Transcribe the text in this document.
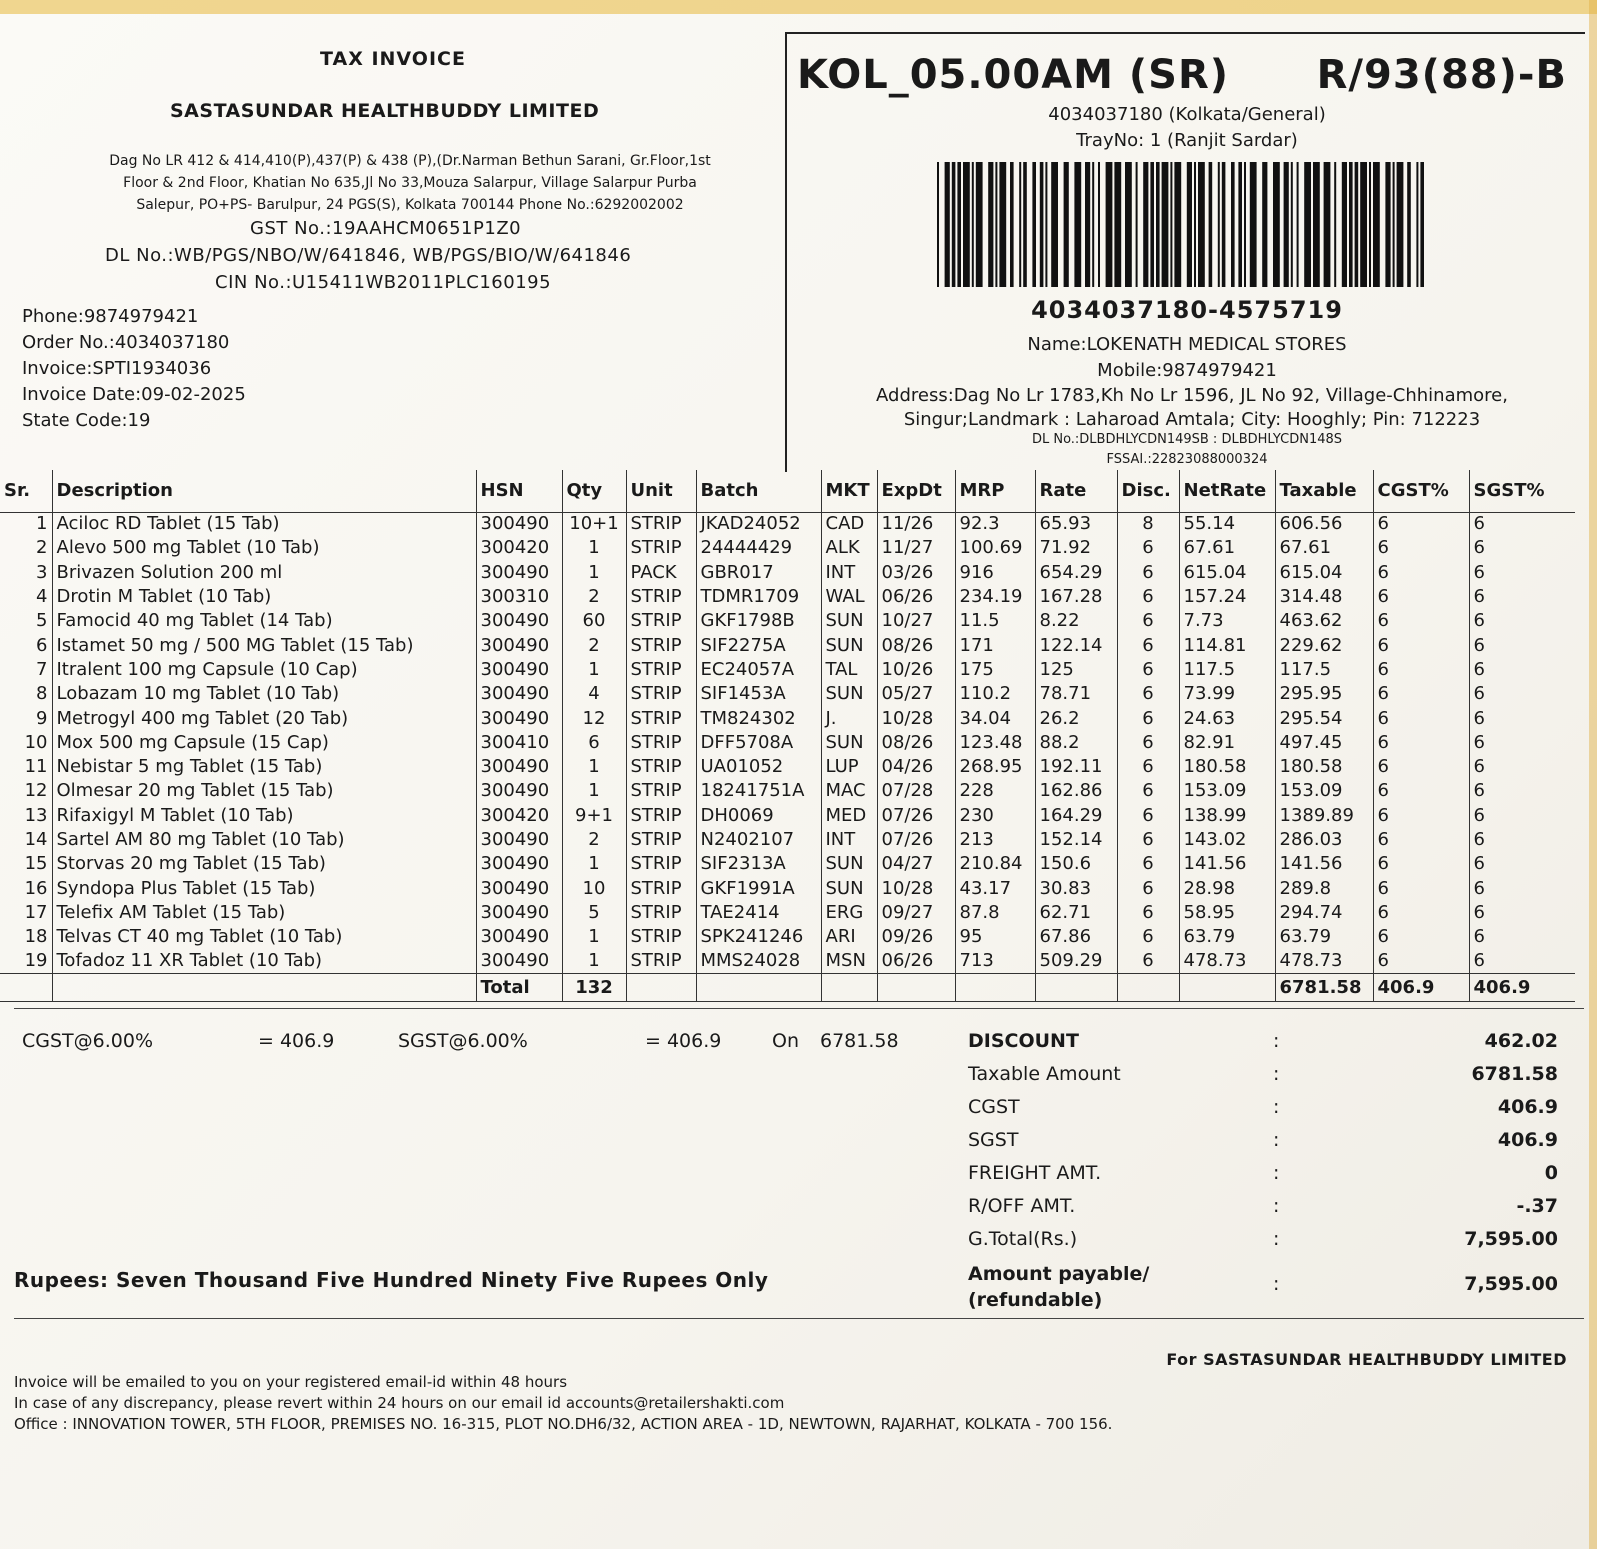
TAX INVOICE
SASTASUNDAR HEALTHBUDDY LIMITED
Dag No LR 412 & 414,410(P),437(P) & 438 (P),(Dr.Narman Bethun Sarani, Gr.Floor,1st
Floor & 2nd Floor, Khatian No 635,Jl No 33,Mouza Salarpur, Village Salarpur Purba
Salepur, PO+PS- Barulpur, 24 PGS(S), Kolkata 700144 Phone No.:6292002002
GST No.:19AAHCM0651P1Z0
DL No.:WB/PGS/NBO/W/641846, WB/PGS/BIO/W/641846
CIN No.:U15411WB2011PLC160195
Phone:9874979421
Order No.:4034037180
Invoice:SPTI1934036
Invoice Date:09-02-2025
State Code:19
KOL_05.00AM (SR) R/93(88)-B
4034037180 (Kolkata/General)
TrayNo: 1 (Ranjit Sardar)
4034037180-4575719
Name:LOKENATH MEDICAL STORES
Mobile:9874979421
Address:Dag No Lr 1783,Kh No Lr 1596, JL No 92, Village-Chhinamore,
Singur;Landmark : Laharoad Amtala; City: Hooghly; Pin: 712223
DL No.:DLBDHLYCDN149SB : DLBDHLYCDN148S
FSSAI.:22823088000324
Sr.	Description	HSN	Qty	Unit	Batch	MKT	ExpDt	MRP	Rate	Disc.	NetRate	Taxable	CGST%	SGST%
1	Aciloc RD Tablet (15 Tab)	300490	10+1	STRIP	JKAD24052	CAD	11/26	92.3	65.93	8	55.14	606.56	6	6
2	Alevo 500 mg Tablet (10 Tab)	300420	1	STRIP	24444429	ALK	11/27	100.69	71.92	6	67.61	67.61	6	6
3	Brivazen Solution 200 ml	300490	1	PACK	GBR017	INT	03/26	916	654.29	6	615.04	615.04	6	6
4	Drotin M Tablet (10 Tab)	300310	2	STRIP	TDMR1709	WAL	06/26	234.19	167.28	6	157.24	314.48	6	6
5	Famocid 40 mg Tablet (14 Tab)	300490	60	STRIP	GKF1798B	SUN	10/27	11.5	8.22	6	7.73	463.62	6	6
6	Istamet 50 mg / 500 MG Tablet (15 Tab)	300490	2	STRIP	SIF2275A	SUN	08/26	171	122.14	6	114.81	229.62	6	6
7	Itralent 100 mg Capsule (10 Cap)	300490	1	STRIP	EC24057A	TAL	10/26	175	125	6	117.5	117.5	6	6
8	Lobazam 10 mg Tablet (10 Tab)	300490	4	STRIP	SIF1453A	SUN	05/27	110.2	78.71	6	73.99	295.95	6	6
9	Metrogyl 400 mg Tablet (20 Tab)	300490	12	STRIP	TM824302	J.	10/28	34.04	26.2	6	24.63	295.54	6	6
10	Mox 500 mg Capsule (15 Cap)	300410	6	STRIP	DFF5708A	SUN	08/26	123.48	88.2	6	82.91	497.45	6	6
11	Nebistar 5 mg Tablet (15 Tab)	300490	1	STRIP	UA01052	LUP	04/26	268.95	192.11	6	180.58	180.58	6	6
12	Olmesar 20 mg Tablet (15 Tab)	300490	1	STRIP	18241751A	MAC	07/28	228	162.86	6	153.09	153.09	6	6
13	Rifaxigyl M Tablet (10 Tab)	300420	9+1	STRIP	DH0069	MED	07/26	230	164.29	6	138.99	1389.89	6	6
14	Sartel AM 80 mg Tablet (10 Tab)	300490	2	STRIP	N2402107	INT	07/26	213	152.14	6	143.02	286.03	6	6
15	Storvas 20 mg Tablet (15 Tab)	300490	1	STRIP	SIF2313A	SUN	04/27	210.84	150.6	6	141.56	141.56	6	6
16	Syndopa Plus Tablet (15 Tab)	300490	10	STRIP	GKF1991A	SUN	10/28	43.17	30.83	6	28.98	289.8	6	6
17	Telefix AM Tablet (15 Tab)	300490	5	STRIP	TAE2414	ERG	09/27	87.8	62.71	6	58.95	294.74	6	6
18	Telvas CT 40 mg Tablet (10 Tab)	300490	1	STRIP	SPK241246	ARI	09/26	95	67.86	6	63.79	63.79	6	6
19	Tofadoz 11 XR Tablet (10 Tab)	300490	1	STRIP	MMS24028	MSN	06/26	713	509.29	6	478.73	478.73	6	6
		Total	132									6781.58	406.9	406.9
CGST@6.00%	= 406.9	SGST@6.00%	= 406.9	On 6781.58	DISCOUNT	:	462.02
Taxable Amount	:	6781.58
CGST	:	406.9
SGST	:	406.9
FREIGHT AMT.	:	0
R/OFF AMT.	:	-.37
G.Total(Rs.)	:	7,595.00
Amount payable/
(refundable)
:	7,595.00
Rupees: Seven Thousand Five Hundred Ninety Five Rupees Only
For SASTASUNDAR HEALTHBUDDY LIMITED
Invoice will be emailed to you on your registered email-id within 48 hours
In case of any discrepancy, please revert within 24 hours on our email id accounts@retailershakti.com
Office : INNOVATION TOWER, 5TH FLOOR, PREMISES NO. 16-315, PLOT NO.DH6/32, ACTION AREA - 1D, NEWTOWN, RAJARHAT, KOLKATA - 700 156.
